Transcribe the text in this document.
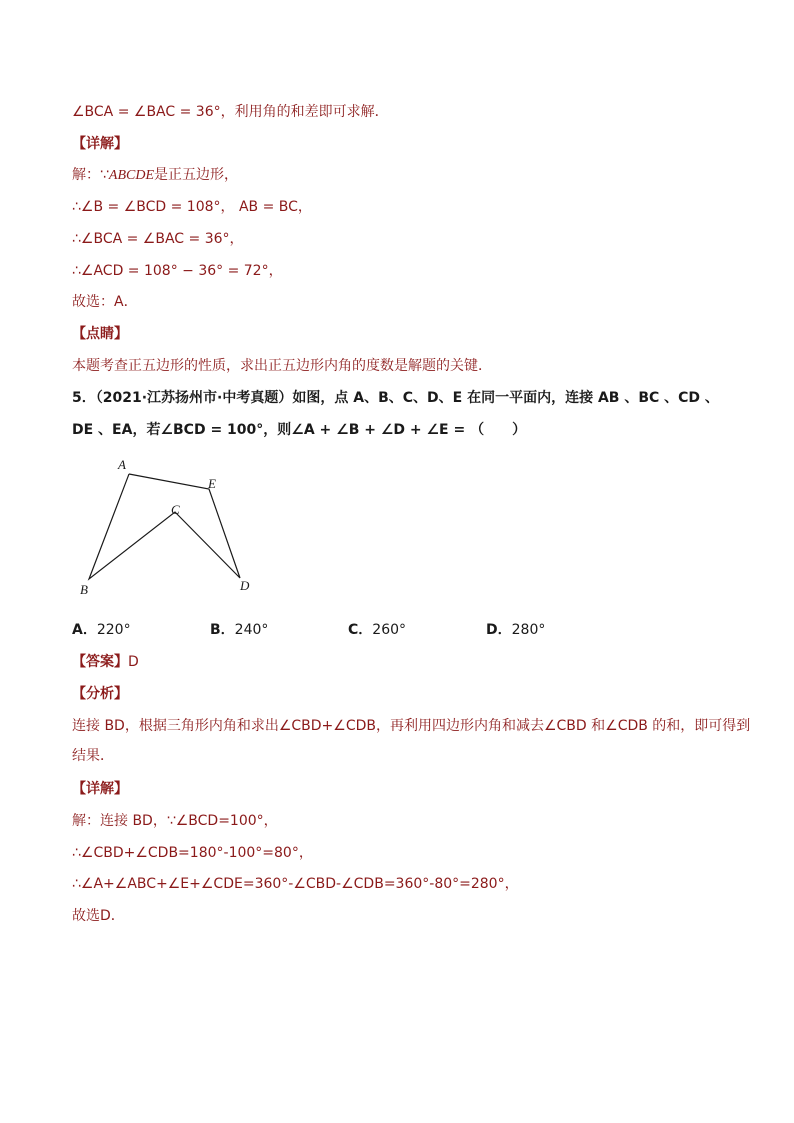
∠BCA = ∠BAC = 36°，利用角的和差即可求解．
【详解】
解：∵ABCDE是正五边形，
∴∠B = ∠BCD = 108°， AB = BC，
∴∠BCA = ∠BAC = 36°，
∴∠ACD = 108° − 36° = 72°，
故选：A．
【点睛】
本题考查正五边形的性质，求出正五边形内角的度数是解题的关键．
5．（2021·江苏扬州市·中考真题）如图，点 A、B、C、D、E 在同一平面内，连接 AB 、BC 、CD 、
DE 、EA，若∠BCD = 100°，则∠A + ∠B + ∠D + ∠E = （　　）
A
E
C
B	D
A．220°	B．240°	C．260°	D．280°
【答案】D
【分析】
连接 BD，根据三角形内角和求出∠CBD+∠CDB，再利用四边形内角和减去∠CBD 和∠CDB 的和，即可得到
结果．
【详解】
解：连接 BD，∵∠BCD=100°，
∴∠CBD+∠CDB=180°-100°=80°，
∴∠A+∠ABC+∠E+∠CDE=360°-∠CBD-∠CDB=360°-80°=280°，
故选D．
